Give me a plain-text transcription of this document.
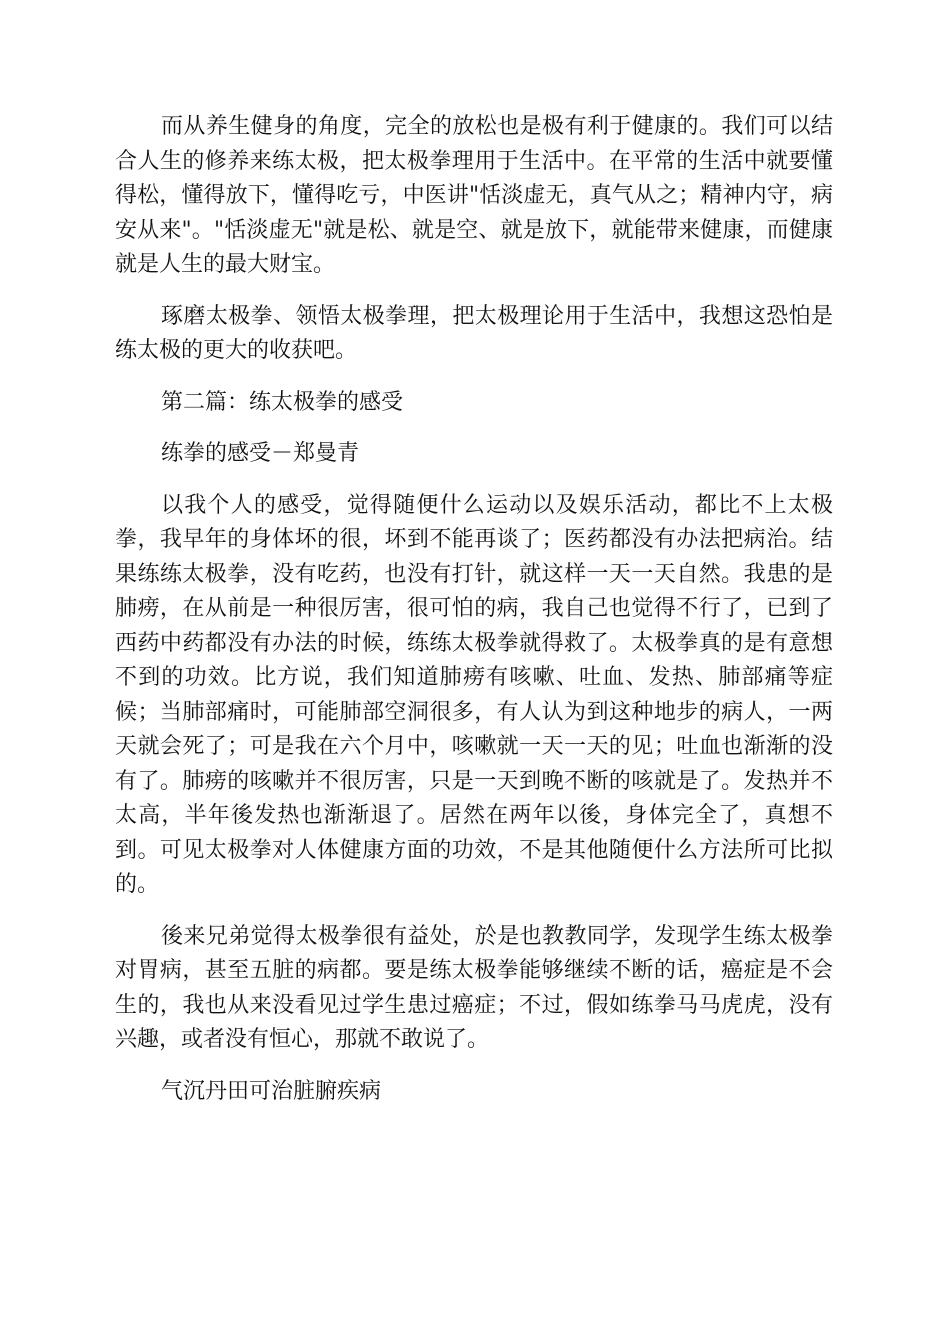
而从养生健身的角度，完全的放松也是极有利于健康的。我们可以结合人生的修养来练太极，把太极拳理用于生活中。在平常的生活中就要懂得松，懂得放下，懂得吃亏，中医讲"恬淡虚无，真气从之；精神内守，病安从来"。"恬淡虚无"就是松、就是空、就是放下，就能带来健康，而健康就是人生的最大财宝。

琢磨太极拳、领悟太极拳理，把太极理论用于生活中，我想这恐怕是练太极的更大的收获吧。

第二篇：练太极拳的感受

练拳的感受－郑曼青

以我个人的感受，觉得随便什么运动以及娱乐活动，都比不上太极拳，我早年的身体坏的很，坏到不能再谈了；医药都没有办法把病治。结果练练太极拳，没有吃药，也没有打针，就这样一天一天自然。我患的是肺痨，在从前是一种很厉害，很可怕的病，我自己也觉得不行了，已到了西药中药都没有办法的时候，练练太极拳就得救了。太极拳真的是有意想不到的功效。比方说，我们知道肺痨有咳嗽、吐血、发热、肺部痛等症候；当肺部痛时，可能肺部空洞很多，有人认为到这种地步的病人，一两天就会死了；可是我在六个月中，咳嗽就一天一天的见；吐血也渐渐的没有了。肺痨的咳嗽并不很厉害，只是一天到晚不断的咳就是了。发热并不太高，半年後发热也渐渐退了。居然在两年以後，身体完全了，真想不到。可见太极拳对人体健康方面的功效，不是其他随便什么方法所可比拟的。

後来兄弟觉得太极拳很有益处，於是也教教同学，发现学生练太极拳对胃病，甚至五脏的病都。要是练太极拳能够继续不断的话，癌症是不会生的，我也从来没看见过学生患过癌症；不过，假如练拳马马虎虎，没有兴趣，或者没有恒心，那就不敢说了。

气沉丹田可治脏腑疾病
